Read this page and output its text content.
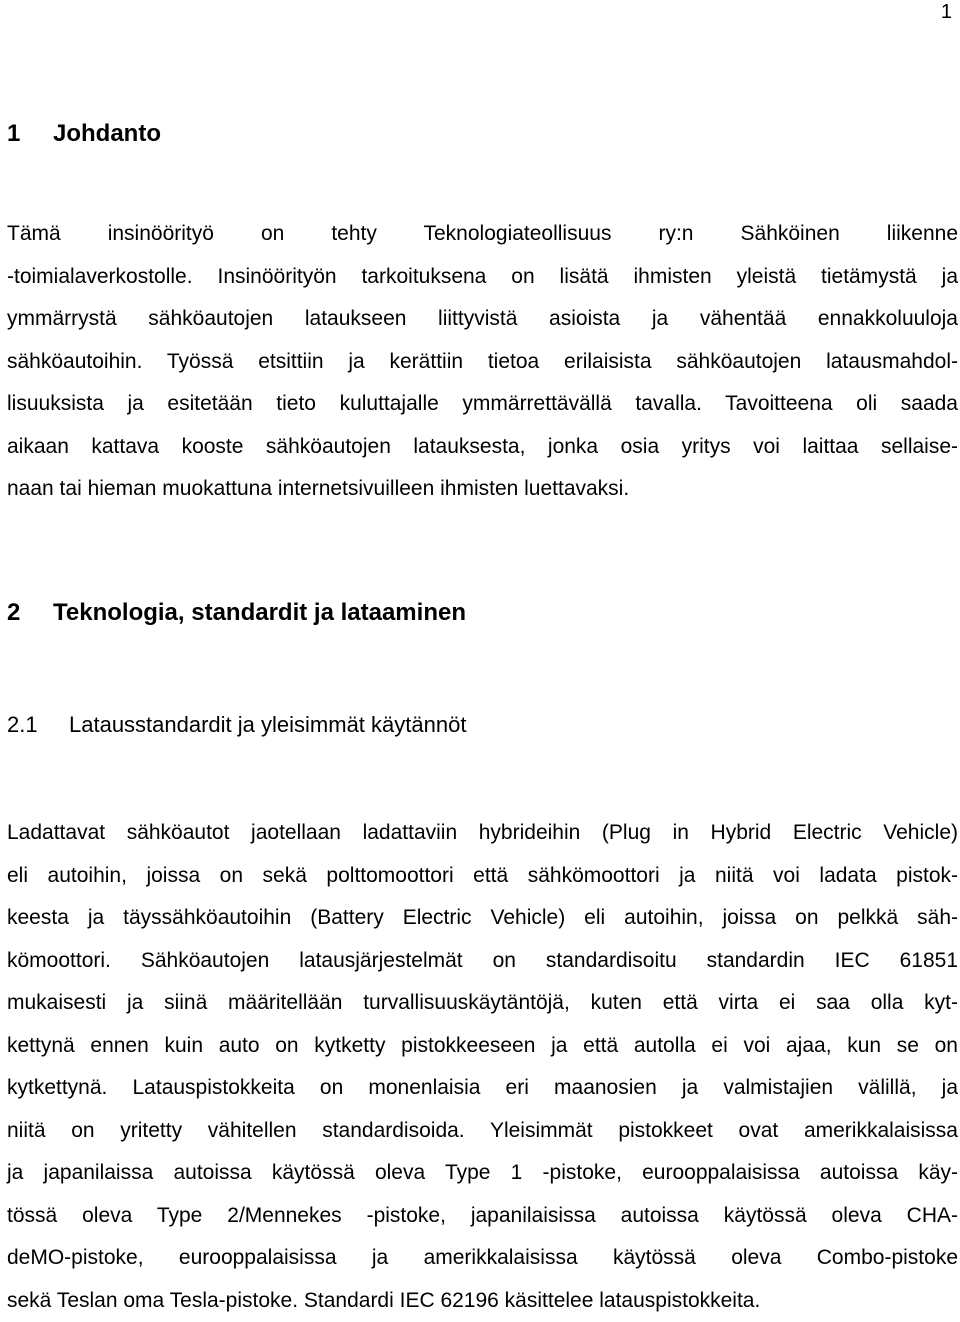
1
1 Johdanto

Tämä insinöörityö on tehty Teknologiateollisuus ry:n Sähköinen liikenne
-toimialaverkostolle. Insinöörityön tarkoituksena on lisätä ihmisten yleistä tietämystä ja
ymmärrystä sähköautojen lataukseen liittyvistä asioista ja vähentää ennakkoluuloja
sähköautoihin. Työssä etsittiin ja kerättiin tietoa erilaisista sähköautojen latausmahdol-
lisuuksista ja esitetään tieto kuluttajalle ymmärrettävällä tavalla. Tavoitteena oli saada
aikaan kattava kooste sähköautojen latauksesta, jonka osia yritys voi laittaa sellaise-
naan tai hieman muokattuna internetsivuilleen ihmisten luettavaksi.

2 Teknologia, standardit ja lataaminen
2.1 Latausstandardit ja yleisimmät käytännöt

Ladattavat sähköautot jaotellaan ladattaviin hybrideihin (Plug in Hybrid Electric Vehicle)
eli autoihin, joissa on sekä polttomoottori että sähkömoottori ja niitä voi ladata pistok-
keesta ja täyssähköautoihin (Battery Electric Vehicle) eli autoihin, joissa on pelkkä säh-
kömoottori. Sähköautojen latausjärjestelmät on standardisoitu standardin IEC 61851
mukaisesti ja siinä määritellään turvallisuuskäytäntöjä, kuten että virta ei saa olla kyt-
kettynä ennen kuin auto on kytketty pistokkeeseen ja että autolla ei voi ajaa, kun se on
kytkettynä. Latauspistokkeita on monenlaisia eri maanosien ja valmistajien välillä, ja
niitä on yritetty vähitellen standardisoida. Yleisimmät pistokkeet ovat amerikkalaisissa
ja japanilaissa autoissa käytössä oleva Type 1 -pistoke, eurooppalaisissa autoissa käy-
tössä oleva Type 2/Mennekes -pistoke, japanilaisissa autoissa käytössä oleva CHA-
deMO-pistoke, eurooppalaisissa ja amerikkalaisissa käytössä oleva Combo-pistoke
sekä Teslan oma Tesla-pistoke. Standardi IEC 62196 käsittelee latauspistokkeita.
